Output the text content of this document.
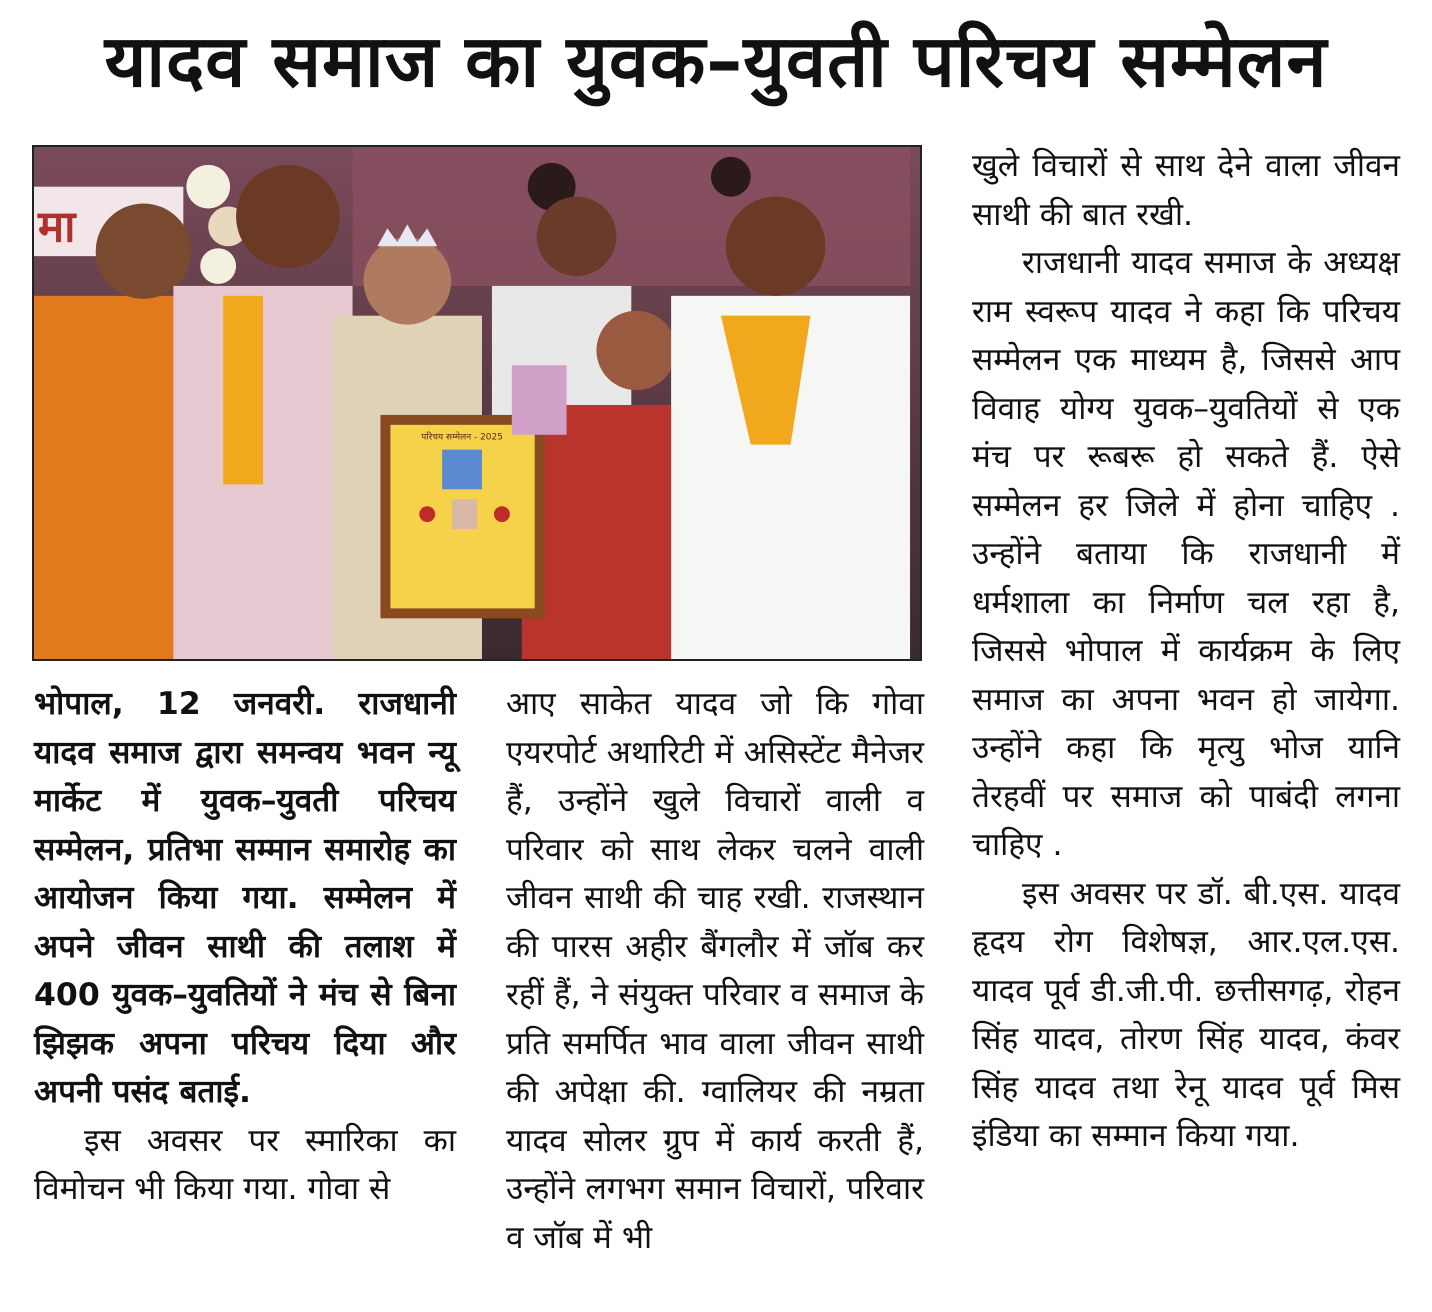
यादव समाज का युवक–युवती परिचय सम्मेलन
मा
परिचय सम्मेलन - 2025

भोपाल, 12 जनवरी. राजधानी यादव समाज द्वारा समन्वय भवन न्यू मार्केट में युवक–युवती परिचय सम्मेलन, प्रतिभा सम्मान समारोह का आयोजन किया गया. सम्मेलन में अपने जीवन साथी की तलाश में 400 युवक–युवतियों ने मंच से बिना झिझक अपना परिचय दिया और अपनी पसंद बताई.

इस अवसर पर स्मारिका का विमोचन भी किया गया. गोवा से

आए साकेत यादव जो कि गोवा एयरपोर्ट अथारिटी में असिस्टेंट मैनेजर हैं, उन्होंने खुले विचारों वाली व परिवार को साथ लेकर चलने वाली जीवन साथी की चाह रखी. राजस्थान की पारस अहीर बैंगलौर में जॉब कर रहीं हैं, ने संयुक्त परिवार व समाज के प्रति समर्पित भाव वाला जीवन साथी की अपेक्षा की. ग्वालियर की नम्रता यादव सोलर ग्रुप में कार्य करती हैं, उन्होंने लगभग समान विचारों, परिवार व जॉब में भी

खुले विचारों से साथ देने वाला जीवन साथी की बात रखी.

राजधानी यादव समाज के अध्यक्ष राम स्वरूप यादव ने कहा कि परिचय सम्मेलन एक माध्यम है, जिससे आप विवाह योग्य युवक–युवतियों से एक मंच पर रूबरू हो सकते हैं. ऐसे सम्मेलन हर जिले में होना चाहिए . उन्होंने बताया कि राजधानी में धर्मशाला का निर्माण चल रहा है, जिससे भोपाल में कार्यक्रम के लिए समाज का अपना भवन हो जायेगा. उन्होंने कहा कि मृत्यु भोज यानि तेरहवीं पर समाज को पाबंदी लगना चाहिए .

इस अवसर पर डॉ. बी.एस. यादव हृदय रोग विशेषज्ञ, आर.एल.एस. यादव पूर्व डी.जी.पी. छत्तीसगढ़, रोहन सिंह यादव, तोरण सिंह यादव, कंवर सिंह यादव तथा रेनू यादव पूर्व मिस इंडिया का सम्मान किया गया.
